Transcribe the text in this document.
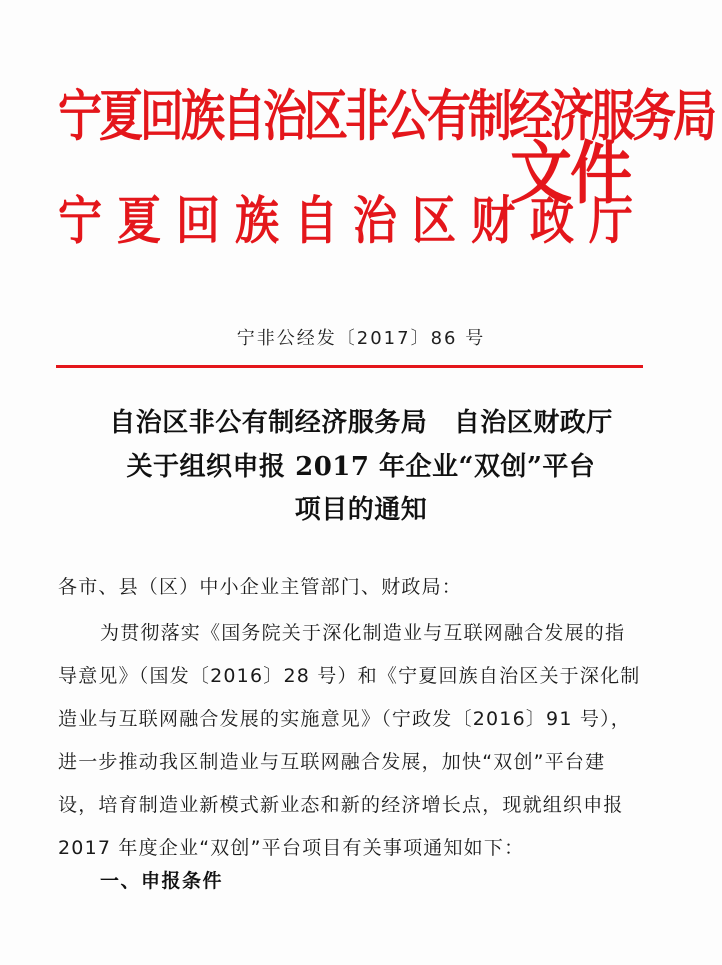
宁夏回族自治区非公有制经济服务局
宁夏回族自治区财政厅
文件
宁非公经发〔2017〕86 号
自治区非公有制经济服务局　自治区财政厅
关于组织申报 2017 年企业“双创”平台
项目的通知
各市、县（区）中小企业主管部门、财政局：
为贯彻落实《国务院关于深化制造业与互联网融合发展的指
导意见》（国发〔2016〕28 号）和《宁夏回族自治区关于深化制
造业与互联网融合发展的实施意见》（宁政发〔2016〕91 号），
进一步推动我区制造业与互联网融合发展，加快“双创”平台建
设，培育制造业新模式新业态和新的经济增长点，现就组织申报
2017 年度企业“双创”平台项目有关事项通知如下：
一、申报条件
